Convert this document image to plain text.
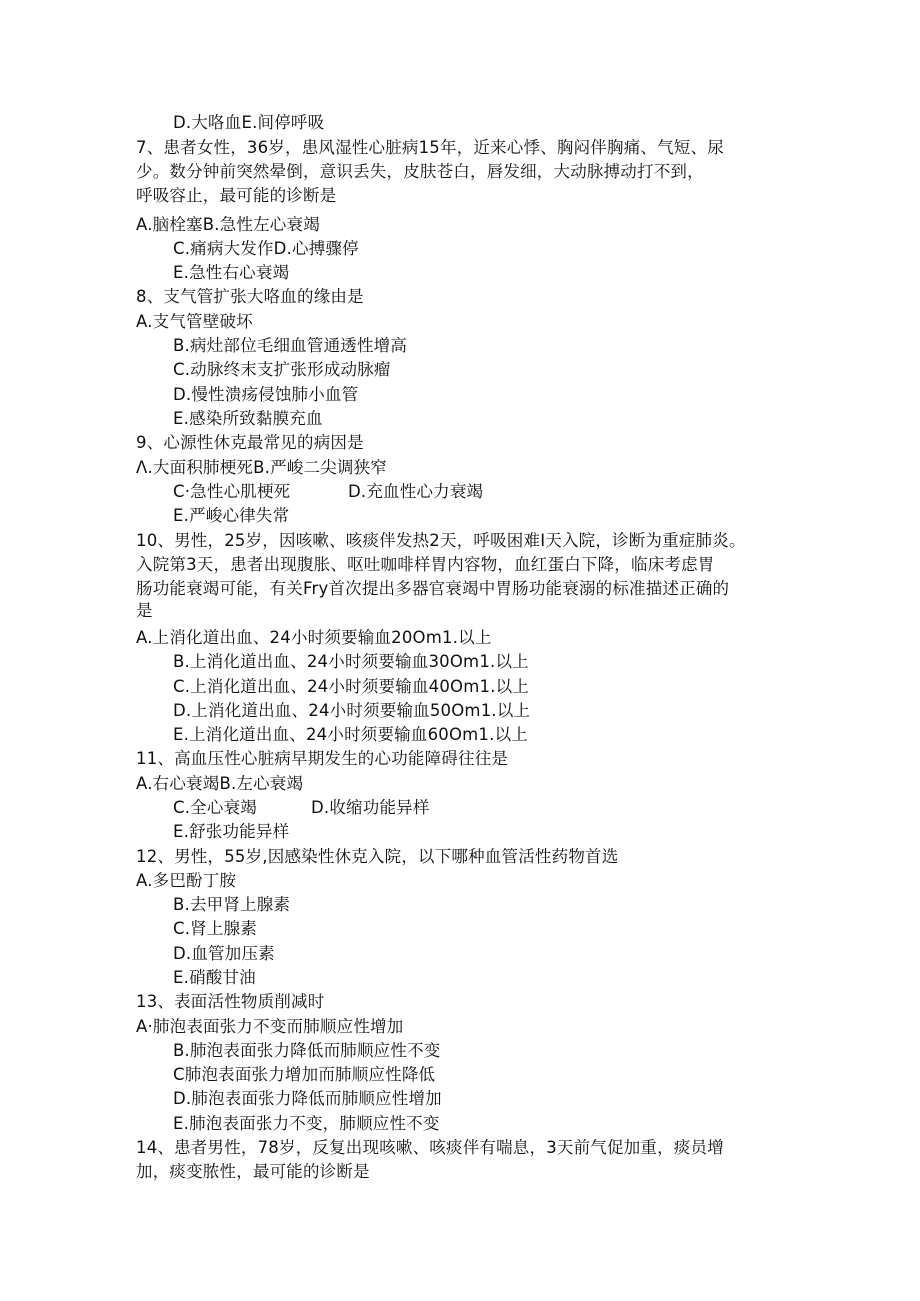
D.大咯血E.间停呼吸
7、患者女性，36岁，患风湿性心脏病15年，近来心悸、胸闷伴胸痛、气短、尿
少。数分钟前突然晕倒，意识丢失，皮肤苍白，唇发细，大动脉搏动打不到，
呼吸容止，最可能的诊断是
A.脑栓塞B.急性左心衰竭
C.痛病大发作D.心搏骤停
E.急性右心衰竭
8、支气管扩张大咯血的缘由是
A.支气管壁破坏
B.病灶部位毛细血管通透性增高
C.动脉终末支扩张形成动脉瘤
D.慢性溃疡侵蚀肺小血管
E.感染所致黏膜充血
9、心源性休克最常见的病因是
Λ.大面积肺梗死B.严峻二尖调狭窄
C·急性心肌梗死	D.充血性心力衰竭
E.严峻心律失常
10、男性，25岁，因咳嗽、咳痰伴发热2天，呼吸困难I天入院，诊断为重症肺炎。
入院第3天，患者出现腹胀、呕吐咖啡样胃内容物，血红蛋白下降，临床考虑胃
肠功能衰竭可能，有关Fry首次提出多器官衰竭中胃肠功能衰溺的标准描述正确的
是
A.上消化道出血、24小时须要输血20Om1.以上
B.上消化道出血、24小时须要输血30Om1.以上
C.上消化道出血、24小时须要输血40Om1.以上
D.上消化道出血、24小时须要输血50Om1.以上
E.上消化道出血、24小时须要输血60Om1.以上
11、高血压性心脏病早期发生的心功能障碍往往是
A.右心衰竭B.左心衰竭
C.全心衰竭	D.收缩功能异样
E.舒张功能异样
12、男性，55岁,因感染性休克入院，以下哪种血管活性药物首选
A.多巴酚丁胺
B.去甲肾上腺素
C.肾上腺素
D.血管加压素
E.硝酸甘油
13、表面活性物质削减时
A·肺泡表面张力不变而肺顺应性增加
B.肺泡表面张力降低而肺顺应性不变
C肺泡表面张力增加而肺顺应性降低
D.肺泡表面张力降低而肺顺应性增加
E.肺泡表面张力不变，肺顺应性不变
14、患者男性，78岁，反复出现咳嗽、咳痰伴有喘息，3天前气促加重，痰员增
加，痰变脓性，最可能的诊断是
